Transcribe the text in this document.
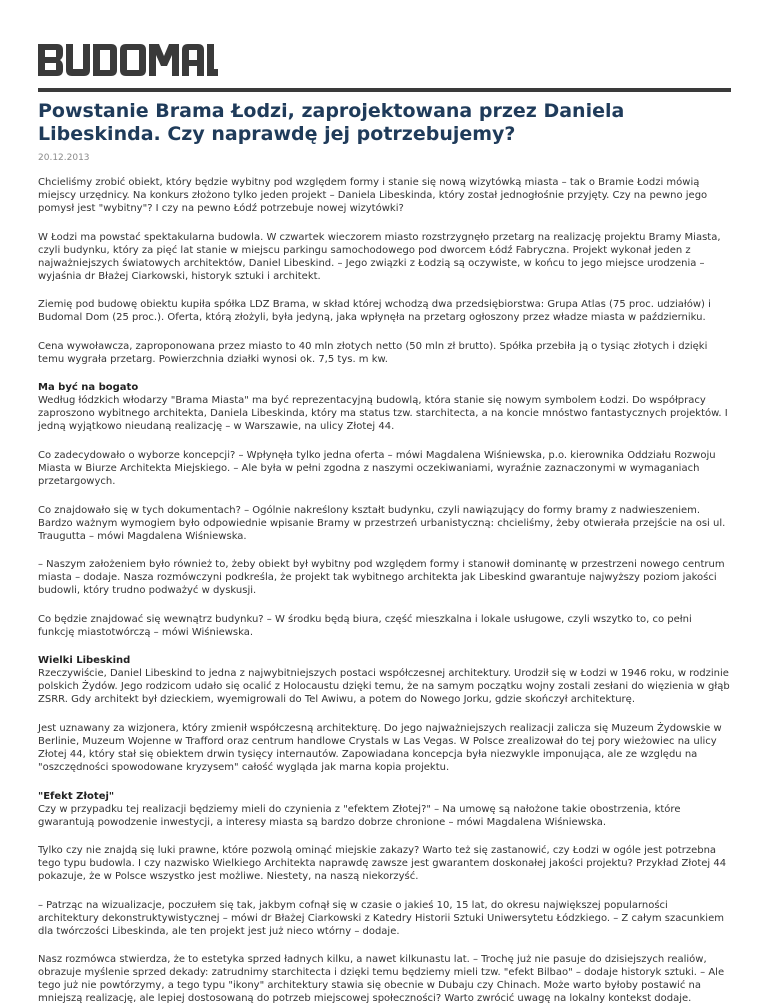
Powstanie Brama Łodzi, zaprojektowana przez Daniela Libeskinda. Czy naprawdę jej potrzebujemy?
20.12.2013

Chcieliśmy zrobić obiekt, który będzie wybitny pod względem formy i stanie się nową wizytówką miasta – tak o Bramie Łodzi mówią miejscy urzędnicy. Na konkurs złożono tylko jeden projekt – Daniela Libeskinda, który został jednogłośnie przyjęty. Czy na pewno jego pomysł jest "wybitny"? I czy na pewno Łódź potrzebuje nowej wizytówki?

W Łodzi ma powstać spektakularna budowla. W czwartek wieczorem miasto rozstrzygnęło przetarg na realizację projektu Bramy Miasta, czyli budynku, który za pięć lat stanie w miejscu parkingu samochodowego pod dworcem Łódź Fabryczna. Projekt wykonał jeden z najważniejszych światowych architektów, Daniel Libeskind. – Jego związki z Łodzią są oczywiste, w końcu to jego miejsce urodzenia – wyjaśnia dr Błażej Ciarkowski, historyk sztuki i architekt.

Ziemię pod budowę obiektu kupiła spółka LDZ Brama, w skład której wchodzą dwa przedsiębiorstwa: Grupa Atlas (75 proc. udziałów) i Budomal Dom (25 proc.). Oferta, którą złożyli, była jedyną, jaka wpłynęła na przetarg ogłoszony przez władze miasta w październiku.

Cena wywoławcza, zaproponowana przez miasto to 40 mln złotych netto (50 mln zł brutto). Spółka przebiła ją o tysiąc złotych i dzięki temu wygrała przetarg. Powierzchnia działki wynosi ok. 7,5 tys. m kw.

Ma być na bogato

Według łódzkich włodarzy "Brama Miasta" ma być reprezentacyjną budowlą, która stanie się nowym symbolem Łodzi. Do współpracy zaproszono wybitnego architekta, Daniela Libeskinda, który ma status tzw. starchitecta, a na koncie mnóstwo fantastycznych projektów. I jedną wyjątkowo nieudaną realizację – w Warszawie, na ulicy Złotej 44.

Co zadecydowało o wyborze koncepcji? – Wpłynęła tylko jedna oferta – mówi Magdalena Wiśniewska, p.o. kierownika Oddziału Rozwoju Miasta w Biurze Architekta Miejskiego. – Ale była w pełni zgodna z naszymi oczekiwaniami, wyraźnie zaznaczonymi w wymaganiach przetargowych.

Co znajdowało się w tych dokumentach? – Ogólnie nakreślony kształt budynku, czyli nawiązujący do formy bramy z nadwieszeniem. Bardzo ważnym wymogiem było odpowiednie wpisanie Bramy w przestrzeń urbanistyczną: chcieliśmy, żeby otwierała przejście na osi ul. Traugutta – mówi Magdalena Wiśniewska.

– Naszym założeniem było również to, żeby obiekt był wybitny pod względem formy i stanowił dominantę w przestrzeni nowego centrum miasta – dodaje. Nasza rozmówczyni podkreśla, że projekt tak wybitnego architekta jak Libeskind gwarantuje najwyższy poziom jakości budowli, który trudno podważyć w dyskusji.

Co będzie znajdować się wewnątrz budynku? – W środku będą biura, część mieszkalna i lokale usługowe, czyli wszytko to, co pełni funkcję miastotwórczą – mówi Wiśniewska.

Wielki Libeskind

Rzeczywiście, Daniel Libeskind to jedna z najwybitniejszych postaci współczesnej architektury. Urodził się w Łodzi w 1946 roku, w rodzinie polskich Żydów. Jego rodzicom udało się ocalić z Holocaustu dzięki temu, że na samym początku wojny zostali zesłani do więzienia w głąb ZSRR. Gdy architekt był dzieckiem, wyemigrowali do Tel Awiwu, a potem do Nowego Jorku, gdzie skończył architekturę.

Jest uznawany za wizjonera, który zmienił współczesną architekturę. Do jego najważniejszych realizacji zalicza się Muzeum Żydowskie w Berlinie, Muzeum Wojenne w Trafford oraz centrum handlowe Crystals w Las Vegas. W Polsce zrealizował do tej pory wieżowiec na ulicy Złotej 44, który stał się obiektem drwin tysięcy internautów. Zapowiadana koncepcja była niezwykle imponująca, ale ze względu na "oszczędności spowodowane kryzysem" całość wygląda jak marna kopia projektu.

"Efekt Złotej"

Czy w przypadku tej realizacji będziemy mieli do czynienia z "efektem Złotej?" – Na umowę są nałożone takie obostrzenia, które gwarantują powodzenie inwestycji, a interesy miasta są bardzo dobrze chronione – mówi Magdalena Wiśniewska.

Tylko czy nie znajdą się luki prawne, które pozwolą ominąć miejskie zakazy? Warto też się zastanowić, czy Łodzi w ogóle jest potrzebna tego typu budowla. I czy nazwisko Wielkiego Architekta naprawdę zawsze jest gwarantem doskonałej jakości projektu? Przykład Złotej 44 pokazuje, że w Polsce wszystko jest możliwe. Niestety, na naszą niekorzyść.

– Patrząc na wizualizacje, poczułem się tak, jakbym cofnął się w czasie o jakieś 10, 15 lat, do okresu największej popularności architektury dekonstruktywistycznej – mówi dr Błażej Ciarkowski z Katedry Historii Sztuki Uniwersytetu Łódzkiego. – Z całym szacunkiem dla twórczości Libeskinda, ale ten projekt jest już nieco wtórny – dodaje.

Nasz rozmówca stwierdza, że to estetyka sprzed ładnych kilku, a nawet kilkunastu lat. – Trochę już nie pasuje do dzisiejszych realiów, obrazuje myślenie sprzed dekady: zatrudnimy starchitecta i dzięki temu będziemy mieli tzw. "efekt Bilbao" – dodaje historyk sztuki. – Ale tego już nie powtórzymy, a tego typu "ikony" architektury stawia się obecnie w Dubaju czy Chinach. Może warto byłoby postawić na mniejszą realizację, ale lepiej dostosowaną do potrzeb miejscowej społeczności? Warto zwrócić uwagę na lokalny kontekst dodaje.
